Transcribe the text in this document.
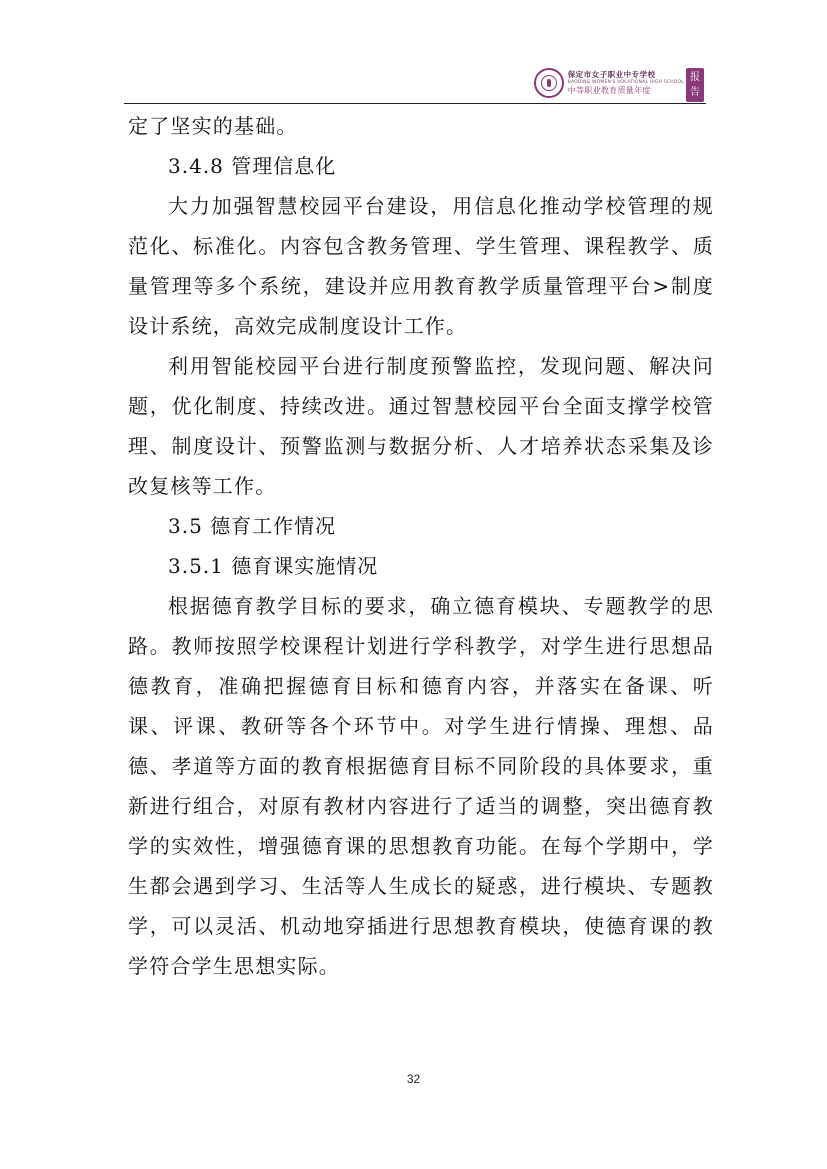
保定市女子职业中专学校
BAODING WOMEN'S VOCATIONAL HIGH SCHOOL
中等职业教育质量年度
报告

定了坚实的基础。

3.4.8 管理信息化

大力加强智慧校园平台建设，用信息化推动学校管理的规范化、标准化。内容包含教务管理、学生管理、课程教学、质量管理等多个系统，建设并应用教育教学质量管理平台>制度设计系统，高效完成制度设计工作。

利用智能校园平台进行制度预警监控，发现问题、解决问题，优化制度、持续改进。通过智慧校园平台全面支撑学校管理、制度设计、预警监测与数据分析、人才培养状态采集及诊改复核等工作。

3.5 德育工作情况

3.5.1 德育课实施情况

根据德育教学目标的要求，确立德育模块、专题教学的思路。教师按照学校课程计划进行学科教学，对学生进行思想品德教育，准确把握德育目标和德育内容，并落实在备课、听课、评课、教研等各个环节中。对学生进行情操、理想、品德、孝道等方面的教育根据德育目标不同阶段的具体要求，重新进行组合，对原有教材内容进行了适当的调整，突出德育教学的实效性，增强德育课的思想教育功能。在每个学期中，学生都会遇到学习、生活等人生成长的疑惑，进行模块、专题教学，可以灵活、机动地穿插进行思想教育模块，使德育课的教学符合学生思想实际。

32
